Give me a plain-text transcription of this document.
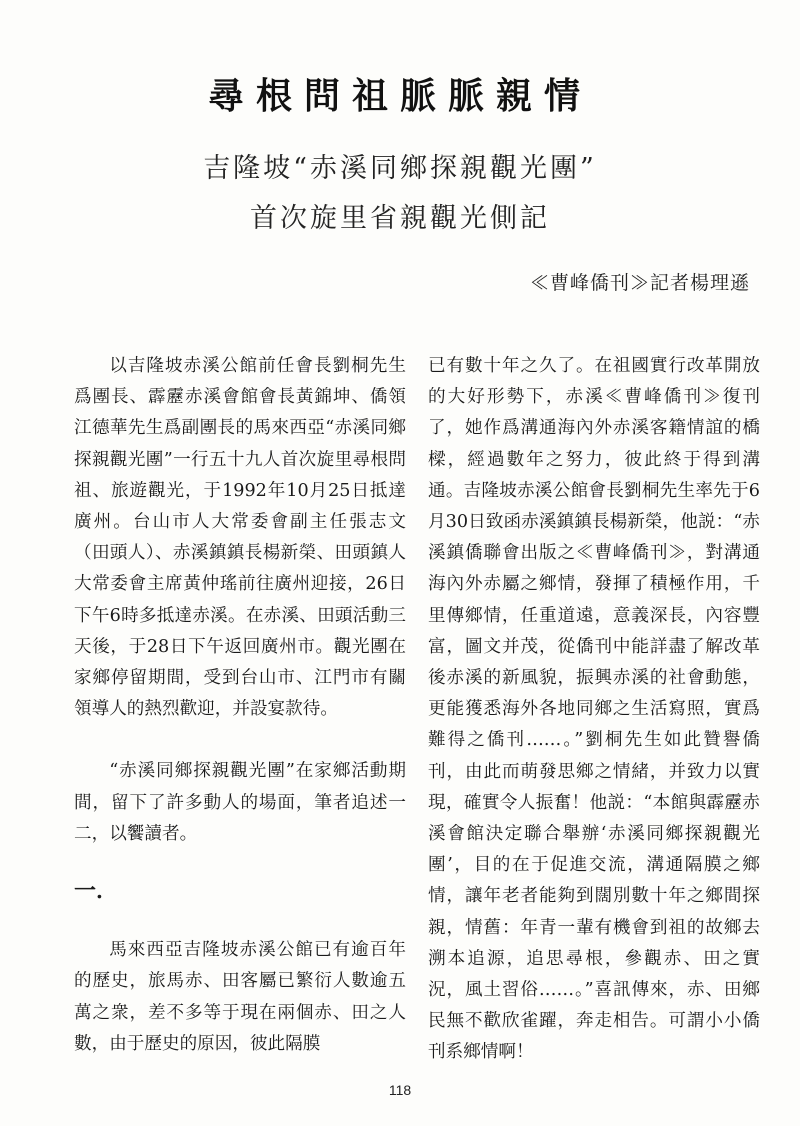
尋根問祖脈脈親情
吉隆坡“赤溪同鄉探親觀光團”
首次旋里省親觀光側記
≪曹峰僑刊≫記者楊理遜

以吉隆坡赤溪公館前任會長劉桐先生爲團長、霹靂赤溪會館會長黃錦坤、僑領江德華先生爲副團長的馬來西亞“赤溪同鄉探親觀光團”一行五十九人首次旋里尋根問祖、旅遊觀光，于1992年10月25日抵達廣州。台山市人大常委會副主任張志文（田頭人）、赤溪鎮鎮長楊新榮、田頭鎮人大常委會主席黃仲瑤前往廣州迎接，26日下午6時多抵達赤溪。在赤溪、田頭活動三天後，于28日下午返回廣州市。觀光團在家鄉停留期間，受到台山市、江門市有關領導人的熱烈歡迎，并設宴款待。

“赤溪同鄉探親觀光團”在家鄉活動期間，留下了許多動人的場面，筆者追述一二，以饗讀者。

一．

馬來西亞吉隆坡赤溪公館已有逾百年的歷史，旅馬赤、田客屬已繁衍人數逾五萬之衆，差不多等于現在兩個赤、田之人數，由于歷史的原因，彼此隔膜

已有數十年之久了。在祖國實行改革開放的大好形勢下，赤溪≪曹峰僑刊≫復刊了，她作爲溝通海內外赤溪客籍情誼的橋樑，經過數年之努力，彼此終于得到溝通。吉隆坡赤溪公館會長劉桐先生率先于6月30日致函赤溪鎮鎮長楊新榮，他説：“赤溪鎮僑聯會出版之≪曹峰僑刊≫，對溝通海內外赤屬之鄉情，發揮了積極作用，千里傳鄉情，任重道遠，意義深長，內容豐富，圖文并茂，從僑刊中能詳盡了解改革後赤溪的新風貌，振興赤溪的社會動態，更能獲悉海外各地同鄉之生活寫照，實爲難得之僑刊……。”劉桐先生如此贊譽僑刊，由此而萌發思鄉之情緒，并致力以實現，確實令人振奮！他説：“本館與霹靂赤溪會館決定聯合舉辦‘赤溪同鄉探親觀光團’，目的在于促進交流，溝通隔膜之鄉情，讓年老者能夠到闊別數十年之鄉間探親，情舊：年青一輩有機會到祖的故鄉去溯本追源，追思尋根，參觀赤、田之實況，風土習俗……。”喜訊傳來，赤、田鄉民無不歡欣雀躍，奔走相告。可謂小小僑刊系鄉情啊！

118
